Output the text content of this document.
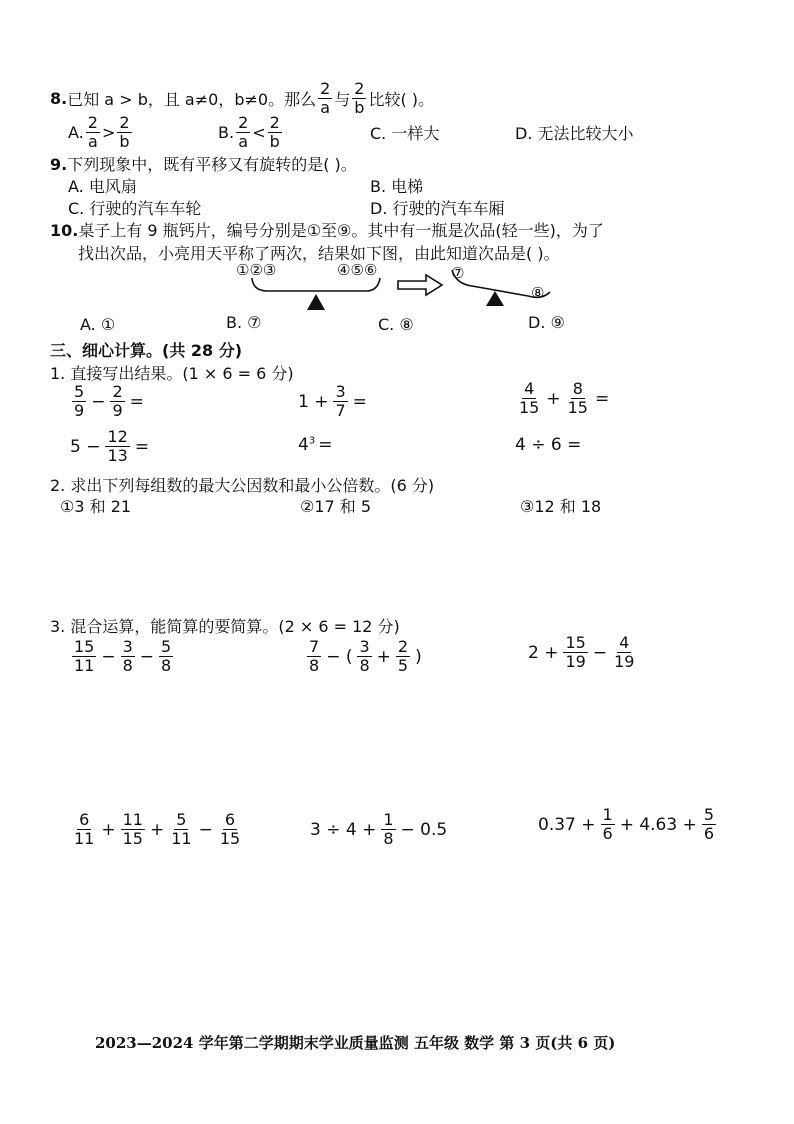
8. 已知 a > b，且 a≠0，b≠0。那么 $\frac{2}{a}$ 与 $\frac{2}{b}$ 比较( )。
A. $\frac{2}{a} > \frac{2}{b}$	B. $\frac{2}{a} < \frac{2}{b}$	C. 一样大	D. 无法比较大小
9.下列现象中，既有平移又有旋转的是( )。
A. 电风扇	B. 电梯
C. 行驶的汽车车轮	D. 行驶的汽车车厢
10.桌子上有 9 瓶钙片，编号分别是①至⑨。其中有一瓶是次品(轻一些)，为了
找出次品，小亮用天平称了两次，结果如下图，由此知道次品是( )。
①②③	④⑤⑥	⑦
⑧
A. ①	B. ⑦	C. ⑧	D. ⑨
三、细心计算。(共 28 分)
1. 直接写出结果。(1 × 6 = 6 分)
$\frac{5}{9} - \frac{2}{9}$ =	$1 + \frac{3}{7}$ =	$\frac{4}{15} + \frac{8}{15}$ =
$5 - \frac{12}{13}$ =	$4^3$ =	4 ÷ 6 =
2. 求出下列每组数的最大公因数和最小公倍数。(6 分)
①3 和 21	②17 和 5	③12 和 18
3. 混合运算，能简算的要简算。(2 × 6 = 12 分)
$\frac{15}{11} - \frac{3}{8} - \frac{5}{8}$	$\frac{7}{8}$ − ( $\frac{3}{8} + \frac{2}{5}$ )	$2 + \frac{15}{19} - \frac{4}{19}$
$\frac{6}{11} + \frac{11}{15} + \frac{5}{11} - \frac{6}{15}$	$3 \div 4 + \frac{1}{8} - 0.5$	$0.37 + \frac{1}{6} + 4.63 + \frac{5}{6}$
2023—2024 学年第二学期期末学业质量监测 五年级 数学 第 3 页(共 6 页)
